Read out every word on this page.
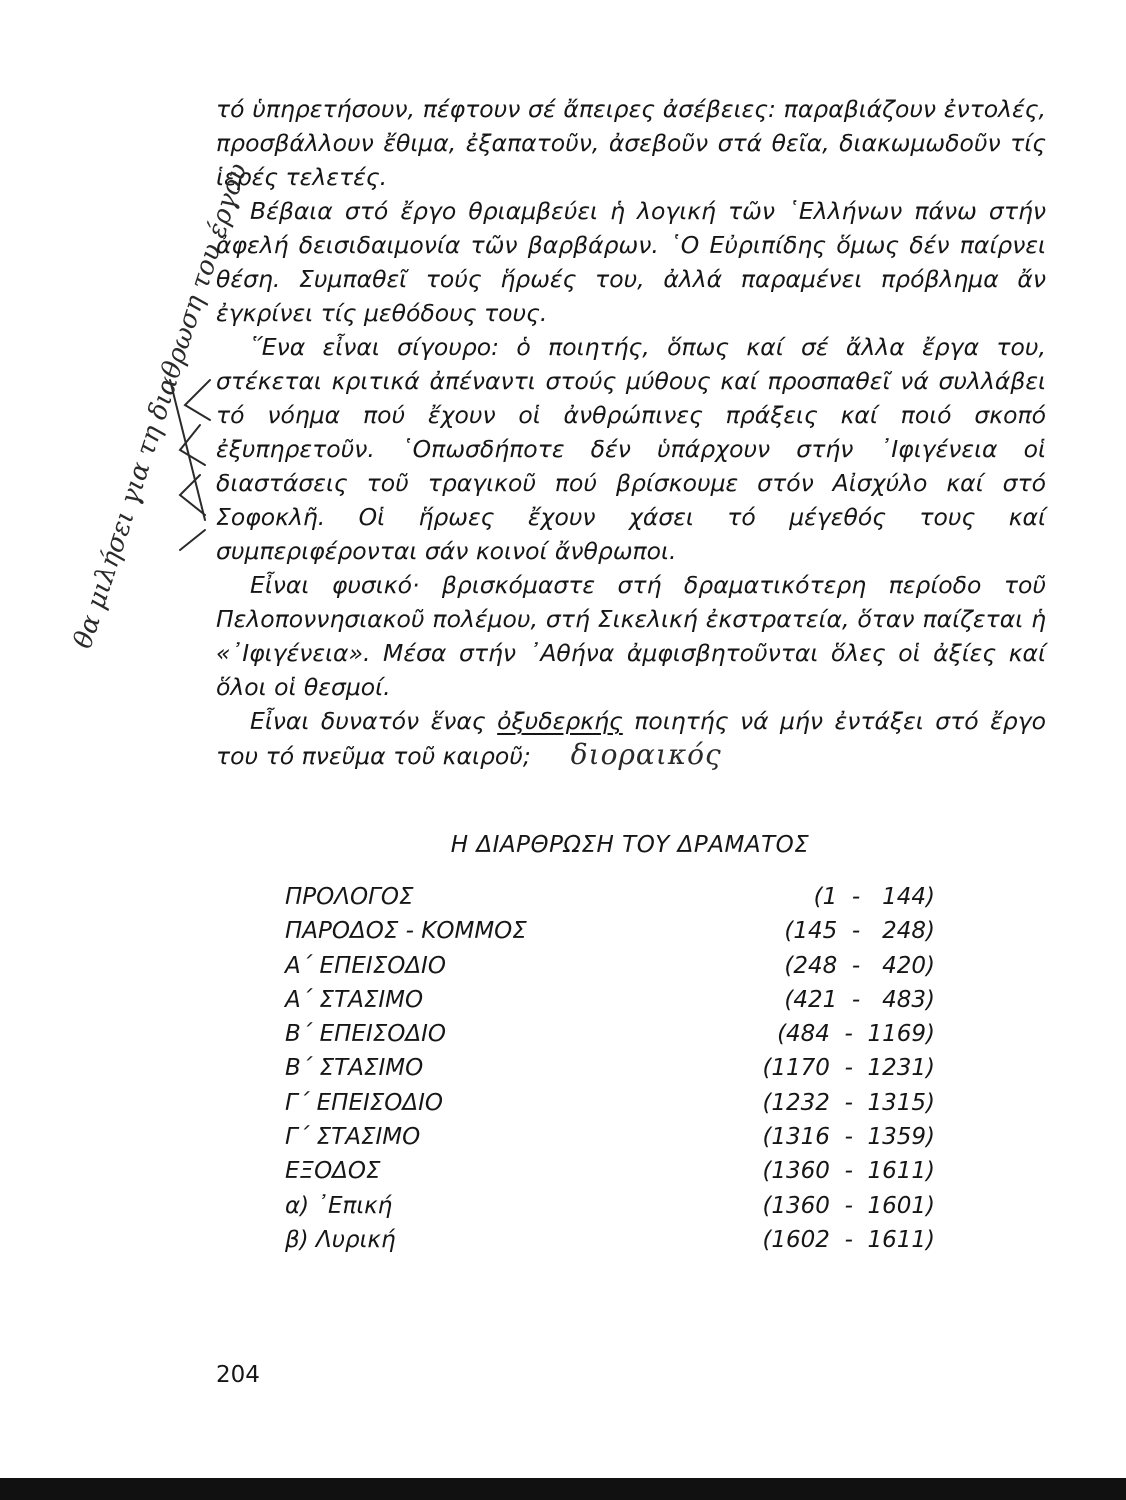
τό ὑπηρετήσουν, πέφτουν σέ ἄπειρες ἀσέβειες: παραβιάζουν ἐντολές, προσβάλλουν ἔθιμα, ἐξαπατοῦν, ἀσεβοῦν στά θεῖα, διακωμωδοῦν τίς ἱερές τελετές.

Βέβαια στό ἔργο θριαμβεύει ἡ λογική τῶν ῾Ελλήνων πάνω στήν ἀφελή δεισιδαιμονία τῶν βαρβάρων. ῾Ο Εὐριπίδης ὅμως δέν παίρνει θέση. Συμπαθεῖ τούς ἥρωές του, ἀλλά παραμένει πρόβλημα ἄν ἐγκρίνει τίς μεθόδους τους.

῞Ενα εἶναι σίγουρο: ὁ ποιητής, ὅπως καί σέ ἄλλα ἔργα του, στέκεται κριτικά ἀπέναντι στούς μύθους καί προσπαθεῖ νά συλλάβει τό νόημα πού ἔχουν οἱ ἀνθρώπινες πράξεις καί ποιό σκοπό ἐξυπηρετοῦν. ῾Οπωσδήποτε δέν ὑπάρχουν στήν ᾿Ιφιγένεια οἱ διαστάσεις τοῦ τραγικοῦ πού βρίσκουμε στόν Αἰσχύλο καί στό Σοφοκλῆ. Οἱ ἥρωες ἔχουν χάσει τό μέγεθός τους καί συμπεριφέρονται σάν κοινοί ἄνθρωποι.

Εἶναι φυσικό· βρισκόμαστε στή δραματικότερη περίοδο τοῦ Πελοποννησιακοῦ πολέμου, στή Σικελική ἐκστρατεία, ὅταν παίζεται ἡ «᾿Ιφιγένεια». Μέσα στήν ᾿Αθήνα ἀμφισβητοῦνται ὅλες οἱ ἀξίες καί ὅλοι οἱ θεσμοί.

Εἶναι δυνατόν ἕνας ὀξυδερκής ποιητής νά μήν ἐντάξει στό ἔργο του τό πνεῦμα τοῦ καιροῦ; διοραικός

Η ΔΙΑΡΘΡΩΣΗ ΤΟΥ ΔΡΑΜΑΤΟΣ
ΠΡΟΛΟΓΟΣ	(1  -   144)
ΠΑΡΟΔΟΣ - ΚΟΜΜΟΣ	(145  -   248)
Α΄ ΕΠΕΙΣΟΔΙΟ	(248  -   420)
Α΄ ΣΤΑΣΙΜΟ	(421  -   483)
Β΄ ΕΠΕΙΣΟΔΙΟ	(484  -  1169)
Β΄ ΣΤΑΣΙΜΟ	(1170  -  1231)
Γ΄ ΕΠΕΙΣΟΔΙΟ	(1232  -  1315)
Γ΄ ΣΤΑΣΙΜΟ	(1316  -  1359)
ΕΞΟΔΟΣ	(1360  -  1611)
α) ᾿Επική	(1360  -  1601)
β) Λυρική	(1602  -  1611)
204
θα μιλήσει για τη διαθρωση του έργου
